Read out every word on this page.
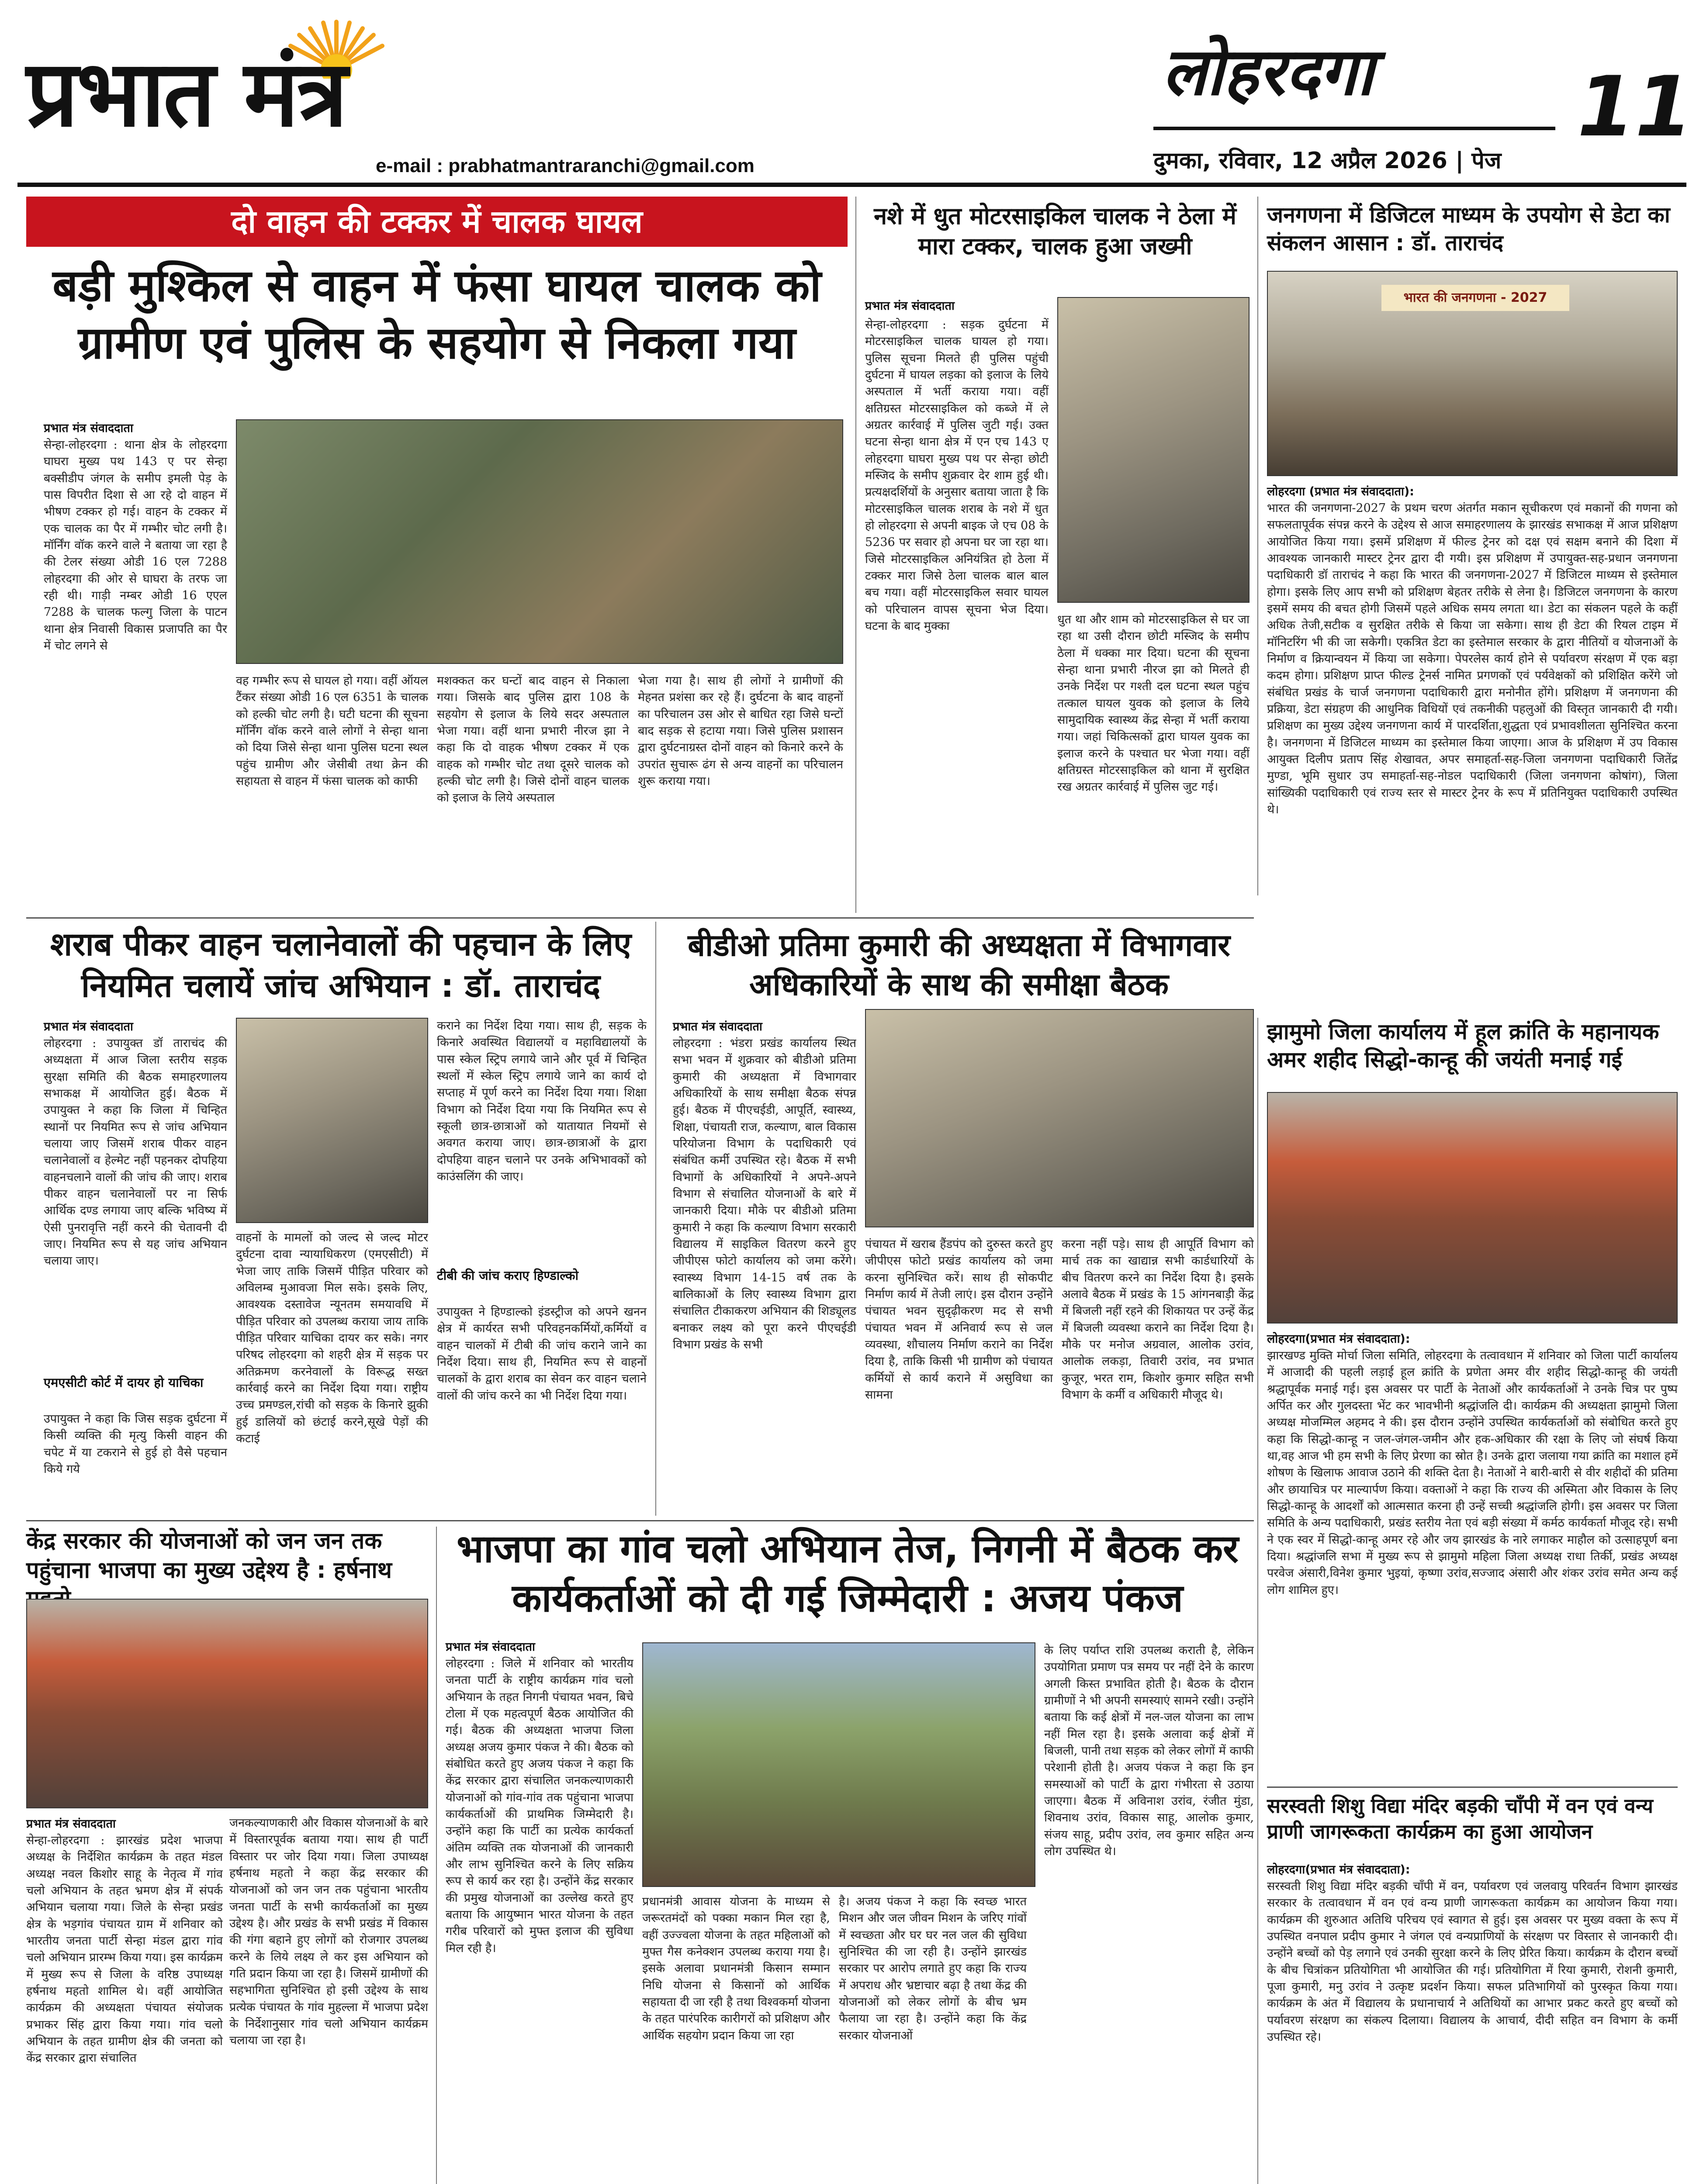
प्रभात मंत्र
e-mail : prabhatmantraranchi@gmail.com
लोहरदगा
दुमका, रविवार, 12 अप्रैल 2026 | पेज
11
दो वाहन की टक्कर में चालक घायल
बड़ी मुश्किल से वाहन में फंसा घायल चालक को ग्रामीण एवं पुलिस के सहयोग से निकला गया
प्रभात मंत्र संवाददाता
सेन्हा-लोहरदगा : थाना क्षेत्र के लोहरदगा घाघरा मुख्य पथ 143 ए पर सेन्हा बक्सीडीप जंगल के समीप इमली पेड़ के पास विपरीत दिशा से आ रहे दो वाहन में भीषण टक्कर हो गई। वाहन के टक्कर में एक चालक का पैर में गम्भीर चोट लगी है। मॉर्निंग वॉक करने वाले ने बताया जा रहा है की टेलर संख्या ओडी 16 एल 7288 लोहरदगा की ओर से घाघरा के तरफ जा रही थी। गाड़ी नम्बर ओडी 16 एएल 7288 के चालक फल्गु जिला के पाटन थाना क्षेत्र निवासी विकास प्रजापति का पैर में चोट लगने से
वह गम्भीर रूप से घायल हो गया। वहीं ऑयल टैंकर संख्या ओडी 16 एल 6351 के चालक को हल्की चोट लगी है। घटी घटना की सूचना मॉर्निंग वॉक करने वाले लोगों ने सेन्हा थाना को दिया जिसे सेन्हा थाना पुलिस घटना स्थल पहुंच ग्रामीण और जेसीबी तथा क्रेन की सहायता से वाहन में फंसा चालक को काफी
मशक्कत कर घन्टों बाद वाहन से निकाला गया। जिसके बाद पुलिस द्वारा 108 के सहयोग से इलाज के लिये सदर अस्पताल भेजा गया। वहीं थाना प्रभारी नीरज झा ने कहा कि दो वाहक भीषण टक्कर में एक वाहक को गम्भीर चोट तथा दूसरे चालक को हल्की चोट लगी है। जिसे दोनों वाहन चालक को इलाज के लिये अस्पताल
भेजा गया है। साथ ही लोगों ने ग्रामीणों की मेहनत प्रशंसा कर रहे हैं। दुर्घटना के बाद वाहनों का परिचालन उस ओर से बाधित रहा जिसे घन्टों बाद सड़क से हटाया गया। जिसे पुलिस प्रशासन द्वारा दुर्घटनाग्रस्त दोनों वाहन को किनारे करने के उपरांत सुचारू ढंग से अन्य वाहनों का परिचालन शुरू कराया गया।
नशे में धुत मोटरसाइकिल चालक ने ठेला में मारा टक्कर, चालक हुआ जख्मी
प्रभात मंत्र संवाददाता
सेन्हा-लोहरदगा : सड़क दुर्घटना में मोटरसाइकिल चालक घायल हो गया। पुलिस सूचना मिलते ही पुलिस पहुंची दुर्घटना में घायल लड़का को इलाज के लिये अस्पताल में भर्ती कराया गया। वहीं क्षतिग्रस्त मोटरसाइकिल को कब्जे में ले अग्रतर कार्रवाई में पुलिस जुटी गई। उक्त घटना सेन्हा थाना क्षेत्र में एन एच 143 ए लोहरदगा घाघरा मुख्य पथ पर सेन्हा छोटी मस्जिद के समीप शुक्रवार देर शाम हुई थी। प्रत्यक्षदर्शियों के अनुसार बताया जाता है कि मोटरसाइकिल चालक शराब के नशे में धुत हो लोहरदगा से अपनी बाइक जे एच 08 के 5236 पर सवार हो अपना घर जा रहा था। जिसे मोटरसाइकिल अनियंत्रित हो ठेला में टक्कर मारा जिसे ठेला चालक बाल बाल बच गया। वहीं मोटरसाइकिल सवार घायल को परिचालन वापस सूचना भेज दिया। घटना के बाद मुक्का	धुत था और शाम को मोटरसाइकिल से घर जा रहा था उसी दौरान छोटी मस्जिद के समीप ठेला में धक्का मार दिया। घटना की सूचना सेन्हा थाना प्रभारी नीरज झा को मिलते ही उनके निर्देश पर गश्ती दल घटना स्थल पहुंच तत्काल घायल युवक को इलाज के लिये सामुदायिक स्वास्थ्य केंद्र सेन्हा में भर्ती कराया गया। जहां चिकित्सकों द्वारा घायल युवक का इलाज करने के पश्चात घर भेजा गया। वहीं क्षतिग्रस्त मोटरसाइकिल को थाना में सुरक्षित रख अग्रतर कार्रवाई में पुलिस जुट गई।
जनगणना में डिजिटल माध्यम के उपयोग से डेटा का संकलन आसान : डॉ. ताराचंद
भारत की जनगणना - 2027
लोहरदगा (प्रभात मंत्र संवाददाता):
भारत की जनगणना-2027 के प्रथम चरण अंतर्गत मकान सूचीकरण एवं मकानों की गणना को सफलतापूर्वक संपन्न करने के उद्देश्य से आज समाहरणालय के झारखंड सभाकक्ष में आज प्रशिक्षण आयोजित किया गया। इसमें प्रशिक्षण में फील्ड ट्रेनर को दक्ष एवं सक्षम बनाने की दिशा में आवश्यक जानकारी मास्टर ट्रेनर द्वारा दी गयी। इस प्रशिक्षण में उपायुक्त-सह-प्रधान जनगणना पदाधिकारी डॉ ताराचंद ने कहा कि भारत की जनगणना-2027 में डिजिटल माध्यम से इस्तेमाल होगा। इसके लिए आप सभी को प्रशिक्षण बेहतर तरीके से लेना है। डिजिटल जनगणना के कारण इसमें समय की बचत होगी जिसमें पहले अधिक समय लगता था। डेटा का संकलन पहले के कहीं अधिक तेजी,सटीक व सुरक्षित तरीके से किया जा सकेगा। साथ ही डेटा की रियल टाइम में मॉनिटरिंग भी की जा सकेगी। एकत्रित डेटा का इस्तेमाल सरकार के द्वारा नीतियों व योजनाओं के निर्माण व क्रियान्वयन में किया जा सकेगा। पेपरलेस कार्य होने से पर्यावरण संरक्षण में एक बड़ा कदम होगा। प्रशिक्षण प्राप्त फील्ड ट्रेनर्स नामित प्रगणकों एवं पर्यवेक्षकों को प्रशिक्षित करेंगे जो संबंधित प्रखंड के चार्ज जनगणना पदाधिकारी द्वारा मनोनीत होंगे। प्रशिक्षण में जनगणना की प्रक्रिया, डेटा संग्रहण की आधुनिक विधियों एवं तकनीकी पहलुओं की विस्तृत जानकारी दी गयी। प्रशिक्षण का मुख्य उद्देश्य जनगणना कार्य में पारदर्शिता,शुद्धता एवं प्रभावशीलता सुनिश्चित करना है। जनगणना में डिजिटल माध्यम का इस्तेमाल किया जाएगा। आज के प्रशिक्षण में उप विकास आयुक्त दिलीप प्रताप सिंह शेखावत, अपर समाहर्ता-सह-जिला जनगणना पदाधिकारी जितेंद्र मुण्डा, भूमि सुधार उप समाहर्ता-सह-नोडल पदाधिकारी (जिला जनगणना कोषांग), जिला सांख्यिकी पदाधिकारी एवं राज्य स्तर से मास्टर ट्रेनर के रूप में प्रतिनियुक्त पदाधिकारी उपस्थित थे।
शराब पीकर वाहन चलानेवालों की पहचान के लिए नियमित चलायें जांच अभियान : डॉ. ताराचंद
प्रभात मंत्र संवाददाता
लोहरदगा : उपायुक्त डॉ ताराचंद की अध्यक्षता में आज जिला स्तरीय सड़क सुरक्षा समिति की बैठक समाहरणालय सभाकक्ष में आयोजित हुई। बैठक में उपायुक्त ने कहा कि जिला में चिन्हित स्थानों पर नियमित रूप से जांच अभियान चलाया जाए जिसमें शराब पीकर वाहन चलानेवालों व हेल्मेट नहीं पहनकर दोपहिया वाहनचलाने वालों की जांच की जाए। शराब पीकर वाहन चलानेवालों पर ना सिर्फ आर्थिक दण्ड लगाया जाए बल्कि भविष्य में ऐसी पुनरावृत्ति नहीं करने की चेतावनी दी जाए। नियमित रूप से यह जांच अभियान चलाया जाए।
एमएसीटी कोर्ट में दायर हो याचिका
उपायुक्त ने कहा कि जिस सड़क दुर्घटना में किसी व्यक्ति की मृत्यु किसी वाहन की चपेट में या टकराने से हुई हो वैसे पहचान किये गये
वाहनों के मामलों को जल्द से जल्द मोटर दुर्घटना दावा न्यायाधिकरण (एमएसीटी) में भेजा जाए ताकि जिसमें पीड़ित परिवार को अविलम्ब मुआवजा मिल सके। इसके लिए, आवश्यक दस्तावेज न्यूनतम समयावधि में पीड़ित परिवार को उपलब्ध कराया जाय ताकि पीड़ित परिवार याचिका दायर कर सके। नगर परिषद लोहरदगा को शहरी क्षेत्र में सड़क पर अतिक्रमण करनेवालों के विरूद्ध सख्त कार्रवाई करने का निर्देश दिया गया। राष्ट्रीय उच्च प्रमण्डल,रांची को सड़क के किनारे झुकी हुई डालियों को छंटाई करने,सूखे पेड़ों की कटाई
कराने का निर्देश दिया गया। साथ ही, सड़क के किनारे अवस्थित विद्यालयों व महाविद्यालयों के पास स्केल स्ट्रिप लगाये जाने और पूर्व में चिन्हित स्थलों में स्केल स्ट्रिप लगाये जाने का कार्य दो सप्ताह में पूर्ण करने का निर्देश दिया गया। शिक्षा विभाग को निर्देश दिया गया कि नियमित रूप से स्कूली छात्र-छात्राओं को यातायात नियमों से अवगत कराया जाए। छात्र-छात्राओं के द्वारा दोपहिया वाहन चलाने पर उनके अभिभावकों को काउंसलिंग की जाए।
टीबी की जांच कराए हिण्डाल्को
उपायुक्त ने हिण्डाल्को इंडस्ट्रीज को अपने खनन क्षेत्र में कार्यरत सभी परिवहनकर्मियों,कर्मियों व वाहन चालकों में टीबी की जांच कराने जाने का निर्देश दिया। साथ ही, नियमित रूप से वाहनों चालकों के द्वारा शराब का सेवन कर वाहन चलाने वालों की जांच करने का भी निर्देश दिया गया।
बीडीओ प्रतिमा कुमारी की अध्यक्षता में विभागवार अधिकारियों के साथ की समीक्षा बैठक
प्रभात मंत्र संवाददाता
लोहरदगा : भंडरा प्रखंड कार्यालय स्थित सभा भवन में शुक्रवार को बीडीओ प्रतिमा कुमारी की अध्यक्षता में विभागवार अधिकारियों के साथ समीक्षा बैठक संपन्न हुई। बैठक में पीएचईडी, आपूर्ति, स्वास्थ्य, शिक्षा, पंचायती राज, कल्याण, बाल विकास परियोजना विभाग के पदाधिकारी एवं संबंधित कर्मी उपस्थित रहे। बैठक में सभी विभागों के अधिकारियों ने अपने-अपने विभाग से संचालित योजनाओं के बारे में जानकारी दिया। मौके पर बीडीओ प्रतिमा कुमारी ने कहा कि कल्याण विभाग सरकारी विद्यालय में साइकिल वितरण करने हुए जीपीएस फोटो कार्यालय को जमा करेंगे। स्वास्थ्य विभाग 14-15 वर्ष तक के बालिकाओं के लिए स्वास्थ्य विभाग द्वारा संचालित टीकाकरण अभियान की शिड्यूलड बनाकर लक्ष्य को पूरा करने पीएचईडी विभाग प्रखंड के सभी
पंचायत में खराब हैंडपंप को दुरुस्त करते हुए जीपीएस फोटो प्रखंड कार्यालय को जमा करना सुनिश्चित करें। साथ ही सोकपीट निर्माण कार्य में तेजी लाएं। इस दौरान उन्होंने पंचायत भवन सुदृढ़ीकरण मद से सभी पंचायत भवन में अनिवार्य रूप से जल व्यवस्था, शौचालय निर्माण कराने का निर्देश दिया है, ताकि किसी भी ग्रामीण को पंचायत कर्मियों से कार्य कराने में असुविधा का सामना
करना नहीं पड़े। साथ ही आपूर्ति विभाग को मार्च तक का खाद्यान्न सभी कार्डधारियों के बीच वितरण करने का निर्देश दिया है। इसके अलावे बैठक में प्रखंड के 15 आंगनबाड़ी केंद्र में बिजली नहीं रहने की शिकायत पर उन्हें केंद्र में बिजली व्यवस्था कराने का निर्देश दिया है। मौके पर मनोज अग्रवाल, आलोक उरांव, आलोक लकड़ा, तिवारी उरांव, नव प्रभात कुजूर, भरत राम, किशोर कुमार सहित सभी विभाग के कर्मी व अधिकारी मौजूद थे।
झामुमो जिला कार्यालय में हूल क्रांति के महानायक अमर शहीद सिद्धो-कान्हू की जयंती मनाई गई
लोहरदगा(प्रभात मंत्र संवाददाता):
झारखण्ड मुक्ति मोर्चा जिला समिति, लोहरदगा के तत्वावधान में शनिवार को जिला पार्टी कार्यालय में आजादी की पहली लड़ाई हूल क्रांति के प्रणेता अमर वीर शहीद सिद्धो-कान्हू की जयंती श्रद्धापूर्वक मनाई गई। इस अवसर पर पार्टी के नेताओं और कार्यकर्ताओं ने उनके चित्र पर पुष्प अर्पित कर और गुलदस्ता भेंट कर भावभीनी श्रद्धांजलि दी। कार्यक्रम की अध्यक्षता झामुमो जिला अध्यक्ष मोजम्मिल अहमद ने की। इस दौरान उन्होंने उपस्थित कार्यकर्ताओं को संबोधित करते हुए कहा कि सिद्धो-कान्हू न जल-जंगल-जमीन और हक-अधिकार की रक्षा के लिए जो संघर्ष किया था,वह आज भी हम सभी के लिए प्रेरणा का स्रोत है। उनके द्वारा जलाया गया क्रांति का मशाल हमें शोषण के खिलाफ आवाज उठाने की शक्ति देता है। नेताओं ने बारी-बारी से वीर शहीदों की प्रतिमा और छायाचित्र पर माल्यार्पण किया। वक्ताओं ने कहा कि राज्य की अस्मिता और विकास के लिए सिद्धो-कान्हू के आदर्शों को आत्मसात करना ही उन्हें सच्ची श्रद्धांजलि होगी। इस अवसर पर जिला समिति के अन्य पदाधिकारी, प्रखंड स्तरीय नेता एवं बड़ी संख्या में कर्मठ कार्यकर्ता मौजूद रहे। सभी ने एक स्वर में सिद्धो-कान्हू अमर रहे और जय झारखंड के नारे लगाकर माहौल को उत्साहपूर्ण बना दिया। श्रद्धांजलि सभा में मुख्य रूप से झामुमो महिला जिला अध्यक्ष राधा तिर्की, प्रखंड अध्यक्ष परवेज अंसारी,विनेश कुमार भुइयां, कृष्णा उरांव,सज्जाद अंसारी और शंकर उरांव समेत अन्य कई लोग शामिल हुए।
केंद्र सरकार की योजनाओं को जन जन तक पहुंचाना भाजपा का मुख्य उद्देश्य है : हर्षनाथ
प्रभात मंत्र संवाददाता
सेन्हा-लोहरदगा : झारखंड प्रदेश भाजपा अध्यक्ष के निर्देशित कार्यक्रम के तहत मंडल अध्यक्ष नवल किशोर साहू के नेतृत्व में गांव चलो अभियान के तहत भ्रमण क्षेत्र में संपर्क अभियान चलाया गया। जिले के सेन्हा प्रखंड क्षेत्र के भड़गांव पंचायत ग्राम में शनिवार को भारतीय जनता पार्टी सेन्हा मंडल द्वारा गांव चलो अभियान प्रारम्भ किया गया। इस कार्यक्रम में मुख्य रूप से जिला के वरिष्ठ उपाध्यक्ष हर्षनाथ महतो शामिल थे। वहीं आयोजित कार्यक्रम की अध्यक्षता पंचायत संयोजक प्रभाकर सिंह द्वारा किया गया। गांव चलो अभियान के तहत ग्रामीण क्षेत्र की जनता को केंद्र सरकार द्वारा संचालित
जनकल्याणकारी और विकास योजनाओं के बारे में विस्तारपूर्वक बताया गया। साथ ही पार्टी विस्तार पर जोर दिया गया। जिला उपाध्यक्ष हर्षनाथ महतो ने कहा केंद्र सरकार की योजनाओं को जन जन तक पहुंचाना भारतीय जनता पार्टी के सभी कार्यकर्ताओं का मुख्य उद्देश्य है। और प्रखंड के सभी प्रखंड में विकास की गंगा बहाने हुए लोगों को रोजगार उपलब्ध करने के लिये लक्ष्य ले कर इस अभियान को गति प्रदान किया जा रहा है। जिसमें ग्रामीणों की सहभागिता सुनिश्चित हो इसी उद्देश्य के साथ प्रत्येक पंचायत के गांव मुहल्ला में भाजपा प्रदेश के निर्देशानुसार गांव चलो अभियान कार्यक्रम चलाया जा रहा है।
भाजपा का गांव चलो अभियान तेज, निगनी में बैठक कर कार्यकर्ताओं को दी गई जिम्मेदारी : अजय पंकज
प्रभात मंत्र संवाददाता
लोहरदगा : जिले में शनिवार को भारतीय जनता पार्टी के राष्ट्रीय कार्यक्रम गांव चलो अभियान के तहत निगनी पंचायत भवन, बिचे टोला में एक महत्वपूर्ण बैठक आयोजित की गई। बैठक की अध्यक्षता भाजपा जिला अध्यक्ष अजय कुमार पंकज ने की। बैठक को संबोधित करते हुए अजय पंकज ने कहा कि केंद्र सरकार द्वारा संचालित जनकल्याणकारी योजनाओं को गांव-गांव तक पहुंचाना भाजपा कार्यकर्ताओं की प्राथमिक जिम्मेदारी है। उन्होंने कहा कि पार्टी का प्रत्येक कार्यकर्ता अंतिम व्यक्ति तक योजनाओं की जानकारी और लाभ सुनिश्चित करने के लिए सक्रिय रूप से कार्य कर रहा है। उन्होंने केंद्र सरकार की प्रमुख योजनाओं का उल्लेख करते हुए बताया कि आयुष्मान भारत योजना के तहत गरीब परिवारों को मुफ्त इलाज की सुविधा मिल रही है।
प्रधानमंत्री आवास योजना के माध्यम से जरूरतमंदों को पक्का मकान मिल रहा है, वहीं उज्ज्वला योजना के तहत महिलाओं को मुफ्त गैस कनेक्शन उपलब्ध कराया गया है। इसके अलावा प्रधानमंत्री किसान सम्मान निधि योजना से किसानों को आर्थिक सहायता दी जा रही है तथा विश्वकर्मा योजना के तहत पारंपरिक कारीगरों को प्रशिक्षण और आर्थिक सहयोग प्रदान किया जा रहा
है। अजय पंकज ने कहा कि स्वच्छ भारत मिशन और जल जीवन मिशन के जरिए गांवों में स्वच्छता और घर घर नल जल की सुविधा सुनिश्चित की जा रही है। उन्होंने झारखंड सरकार पर आरोप लगाते हुए कहा कि राज्य में अपराध और भ्रष्टाचार बढ़ा है तथा केंद्र की योजनाओं को लेकर लोगों के बीच भ्रम फैलाया जा रहा है। उन्होंने कहा कि केंद्र सरकार योजनाओं
के लिए पर्याप्त राशि उपलब्ध कराती है, लेकिन उपयोगिता प्रमाण पत्र समय पर नहीं देने के कारण अगली किस्त प्रभावित होती है। बैठक के दौरान ग्रामीणों ने भी अपनी समस्याएं सामने रखी। उन्होंने बताया कि कई क्षेत्रों में नल-जल योजना का लाभ नहीं मिल रहा है। इसके अलावा कई क्षेत्रों में बिजली, पानी तथा सड़क को लेकर लोगों में काफी परेशानी होती है। अजय पंकज ने कहा कि इन समस्याओं को पार्टी के द्वारा गंभीरता से उठाया जाएगा। बैठक में अविनाश उरांव, रंजीत मुंडा, शिवनाथ उरांव, विकास साहू, आलोक कुमार, संजय साहू, प्रदीप उरांव, लव कुमार सहित अन्य लोग उपस्थित थे।
सरस्वती शिशु विद्या मंदिर बड़की चाँपी में वन एवं वन्य प्राणी जागरूकता कार्यक्रम का हुआ आयोजन
लोहरदगा(प्रभात मंत्र संवाददाता):
सरस्वती शिशु विद्या मंदिर बड़की चाँपी में वन, पर्यावरण एवं जलवायु परिवर्तन विभाग झारखंड सरकार के तत्वावधान में वन एवं वन्य प्राणी जागरूकता कार्यक्रम का आयोजन किया गया। कार्यक्रम की शुरुआत अतिथि परिचय एवं स्वागत से हुई। इस अवसर पर मुख्य वक्ता के रूप में उपस्थित वनपाल प्रदीप कुमार ने जंगल एवं वन्यप्राणियों के संरक्षण पर विस्तार से जानकारी दी। उन्होंने बच्चों को पेड़ लगाने एवं उनकी सुरक्षा करने के लिए प्रेरित किया। कार्यक्रम के दौरान बच्चों के बीच चित्रांकन प्रतियोगिता भी आयोजित की गई। प्रतियोगिता में रिया कुमारी, रोशनी कुमारी, पूजा कुमारी, मनु उरांव ने उत्कृष्ट प्रदर्शन किया। सफल प्रतिभागियों को पुरस्कृत किया गया। कार्यक्रम के अंत में विद्यालय के प्रधानाचार्य ने अतिथियों का आभार प्रकट करते हुए बच्चों को पर्यावरण संरक्षण का संकल्प दिलाया। विद्यालय के आचार्य, दीदी सहित वन विभाग के कर्मी उपस्थित रहे।
